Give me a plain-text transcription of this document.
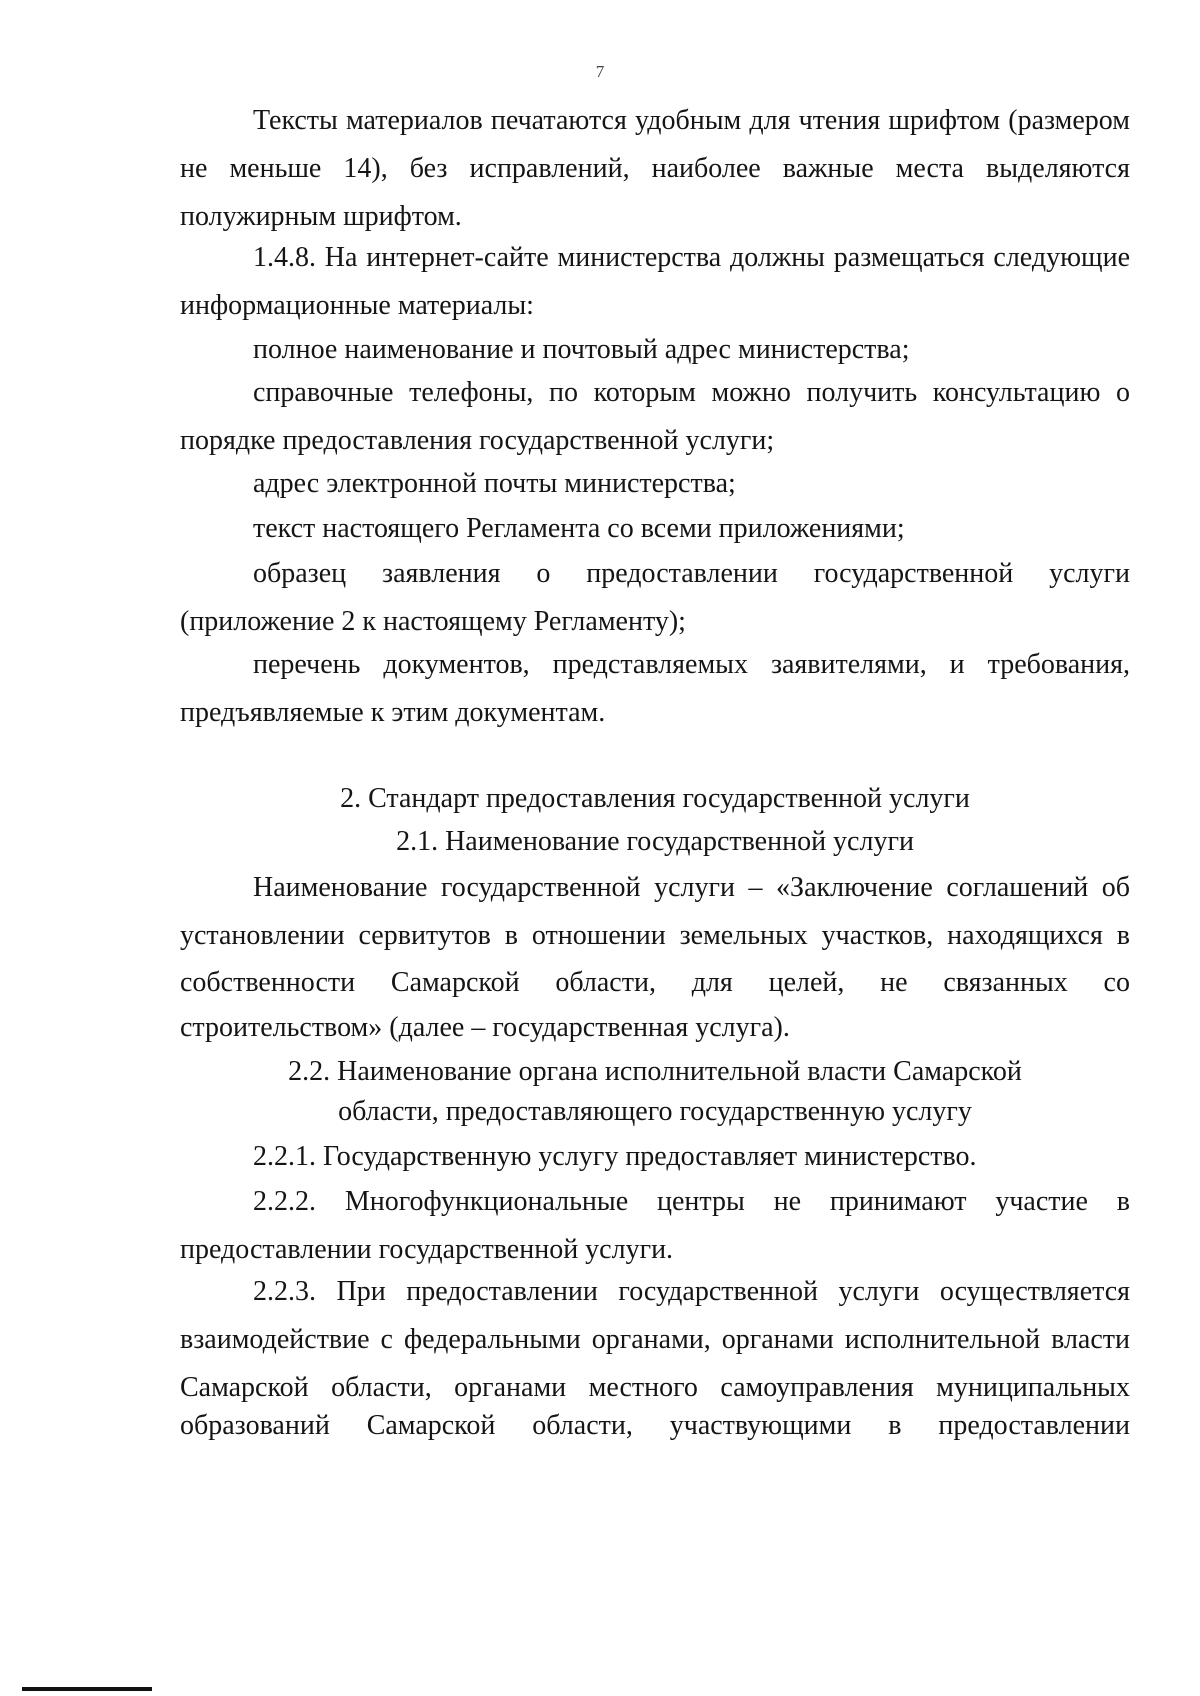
7

Тексты материалов печатаются удобным для чтения шрифтом (размером не меньше 14), без исправлений, наиболее важные места выделяются полужирным шрифтом.

1.4.8. На интернет-сайте министерства должны размещаться следующие информационные материалы:

полное наименование и почтовый адрес министерства;

справочные телефоны, по которым можно получить консультацию о порядке предоставления государственной услуги;

адрес электронной почты министерства;

текст настоящего Регламента со всеми приложениями;

образец заявления о предоставлении государственной услуги (приложение 2 к настоящему Регламенту);

перечень документов, представляемых заявителями, и требования, предъявляемые к этим документам.

2. Стандарт предоставления государственной услуги
2.1. Наименование государственной услуги

Наименование государственной услуги – «Заключение соглашений об установлении сервитутов в отношении земельных участков, находящихся в

собственности Самарской области, для целей, не связанных со

строительством» (далее – государственная услуга).

2.2. Наименование органа исполнительной власти Самарской области, предоставляющего государственную услугу

2.2.1. Государственную услугу предоставляет министерство.

2.2.2. Многофункциональные центры не принимают участие в предоставлении государственной услуги.

2.2.3. При предоставлении государственной услуги осуществляется взаимодействие с федеральными органами, органами исполнительной власти Самарской области, органами местного самоуправления муниципальных

образований Самарской области, участвующими в предоставлении
